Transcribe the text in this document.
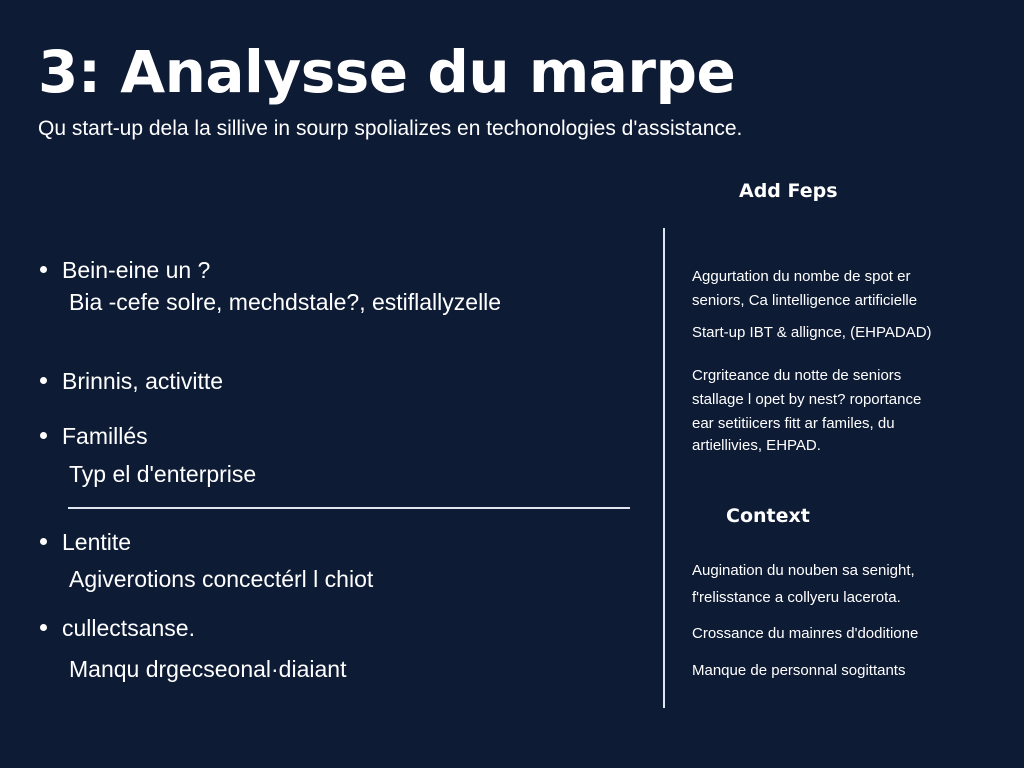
3: Analysse du marpe
Qu start-up dela la sillive in sourp spolializes en techonologies d'assistance.
Bein-eine un ?
Bia -cefe solre, mechdstale?, estiflallyzelle
Brinnis, activitte
Famillés
Typ el d'enterprise
Lentite
Agiverotions concectérl l chiot
cullectsanse.
Manqu drgecseonal·diaiant
Add Feps
Aggurtation du nombe de spot er
seniors, Ca lintelligence artificielle
Start-up IBT & allignce, (EHPADAD)
Crgriteance du notte de seniors
stallage l opet by nest? roportance
ear setitiicers fitt ar familes, du
artiellivies, EHPAD.
Context
Augination du nouben sa senight,
f'relisstance a collyeru lacerota.
Crossance du mainres d'doditione
Manque de personnal sogittants
